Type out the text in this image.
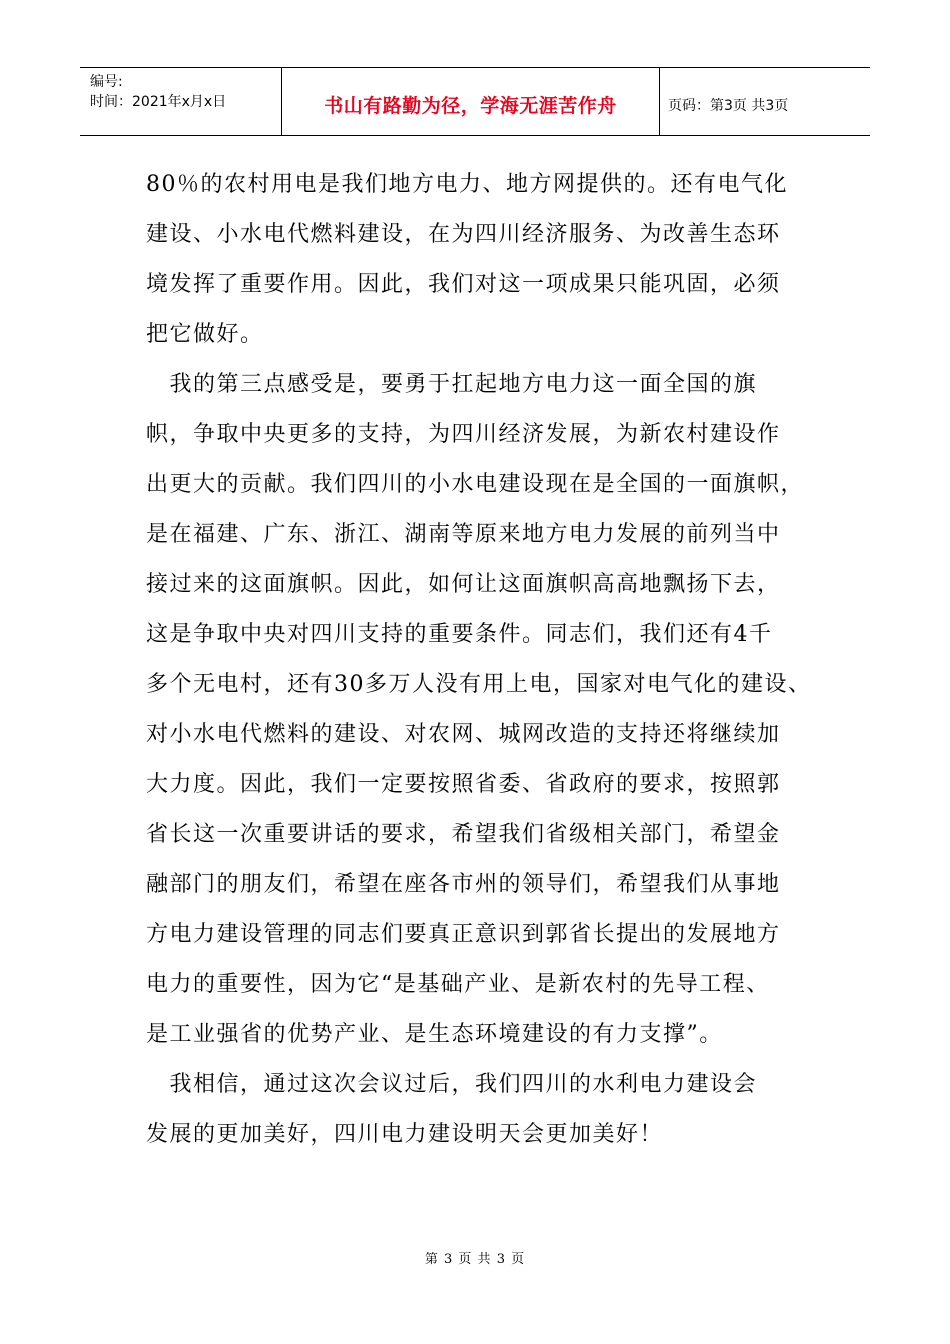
编号:
时间：2021年x月x日	书山有路勤为径，学海无涯苦作舟	页码：第3页 共3页

80％的农村用电是我们地方电力、地方网提供的。还有电气化
建设、小水电代燃料建设，在为四川经济服务、为改善生态环
境发挥了重要作用。因此，我们对这一项成果只能巩固，必须
把它做好。

　我的第三点感受是，要勇于扛起地方电力这一面全国的旗
帜，争取中央更多的支持，为四川经济发展，为新农村建设作
出更大的贡献。我们四川的小水电建设现在是全国的一面旗帜，
是在福建、广东、浙江、湖南等原来地方电力发展的前列当中
接过来的这面旗帜。因此，如何让这面旗帜高高地飘扬下去，
这是争取中央对四川支持的重要条件。同志们，我们还有4千
多个无电村，还有30多万人没有用上电，国家对电气化的建设、
对小水电代燃料的建设、对农网、城网改造的支持还将继续加
大力度。因此，我们一定要按照省委、省政府的要求，按照郭
省长这一次重要讲话的要求，希望我们省级相关部门，希望金
融部门的朋友们，希望在座各市州的领导们，希望我们从事地
方电力建设管理的同志们要真正意识到郭省长提出的发展地方
电力的重要性，因为它“是基础产业、是新农村的先导工程、
是工业强省的优势产业、是生态环境建设的有力支撑”。

　我相信，通过这次会议过后，我们四川的水利电力建设会
发展的更加美好，四川电力建设明天会更加美好！

第 3 页 共 3 页
